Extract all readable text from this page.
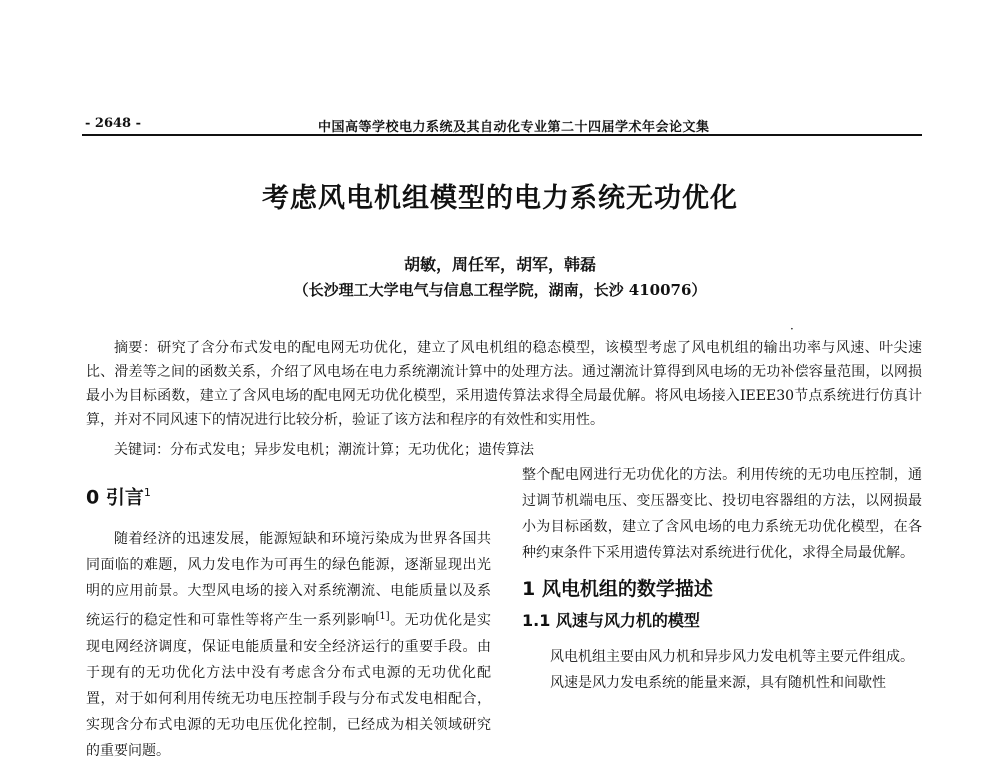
- 2648 -	中国高等学校电力系统及其自动化专业第二十四届学术年会论文集
考虑风电机组模型的电力系统无功优化
胡敏，周任军，胡军，韩磊
（长沙理工大学电气与信息工程学院，湖南，长沙 410076）
·

摘要：研究了含分布式发电的配电网无功优化，建立了风电机组的稳态模型，该模型考虑了风电机组的输出功率与风速、叶尖速比、滑差等之间的函数关系，介绍了风电场在电力系统潮流计算中的处理方法。通过潮流计算得到风电场的无功补偿容量范围，以网损最小为目标函数，建立了含风电场的配电网无功优化模型，采用遗传算法求得全局最优解。将风电场接入IEEE30节点系统进行仿真计算，并对不同风速下的情况进行比较分析，验证了该方法和程序的有效性和实用性。

关键词：分布式发电；异步发电机；潮流计算；无功优化；遗传算法

0 引言$^1$

随着经济的迅速发展，能源短缺和环境污染成为世界各国共同面临的难题，风力发电作为可再生的绿色能源，逐渐显现出光明的应用前景。大型风电场的接入对系统潮流、电能质量以及系统运行的稳定性和可靠性等将产生一系列影响[1]。无功优化是实现电网经济调度，保证电能质量和安全经济运行的重要手段。由于现有的无功优化方法中没有考虑含分布式电源的无功优化配置，对于如何利用传统无功电压控制手段与分布式发电相配合，实现含分布式电源的无功电压优化控制，已经成为相关领域研究的重要问题。

整个配电网进行无功优化的方法。利用传统的无功电压控制，通过调节机端电压、变压器变比、投切电容器组的方法，以网损最小为目标函数，建立了含风电场的电力系统无功优化模型，在各种约束条件下采用遗传算法对系统进行优化，求得全局最优解。

1 风电机组的数学描述
1.1 风速与风力机的模型

风电机组主要由风力机和异步风力发电机等主要元件组成。

风速是风力发电系统的能量来源，具有随机性和间歇性
